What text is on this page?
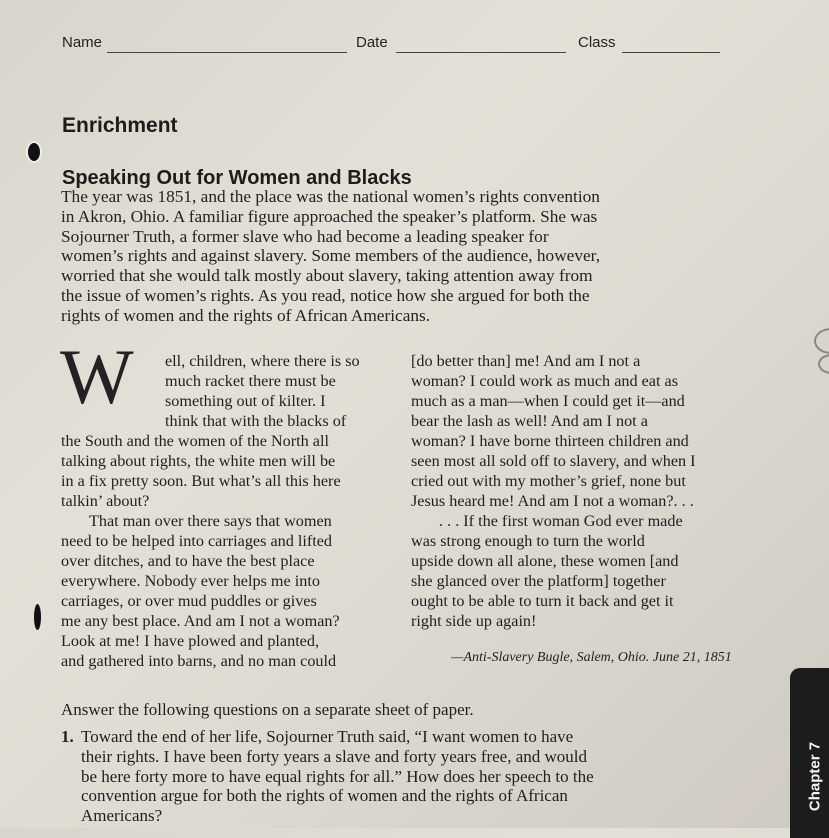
Name	Date	Class
Enrichment
Speaking Out for Women and Blacks
The year was 1851, and the place was the national women’s rights convention
in Akron, Ohio. A familiar figure approached the speaker’s platform. She was
Sojourner Truth, a former slave who had become a leading speaker for
women’s rights and against slavery. Some members of the audience, however,
worried that she would talk mostly about slavery, taking attention away from
the issue of women’s rights. As you read, notice how she argued for both the
rights of women and the rights of African Americans.
W ell, children, where there is so
much racket there must be
something out of kilter. I
think that with the blacks of
the South and the women of the North all
talking about rights, the white men will be
in a fix pretty soon. But what’s all this here
talkin’ about?
That man over there says that women
need to be helped into carriages and lifted
over ditches, and to have the best place
everywhere. Nobody ever helps me into
carriages, or over mud puddles or gives
me any best place. And am I not a woman?
Look at me! I have plowed and planted,
and gathered into barns, and no man could
[do better than] me! And am I not a
woman? I could work as much and eat as
much as a man—when I could get it—and
bear the lash as well! And am I not a
woman? I have borne thirteen children and
seen most all sold off to slavery, and when I
cried out with my mother’s grief, none but
Jesus heard me! And am I not a woman?. . .
. . . If the first woman God ever made
was strong enough to turn the world
upside down all alone, these women [and
she glanced over the platform] together
ought to be able to turn it back and get it
right side up again!
—Anti-Slavery Bugle, Salem, Ohio. June 21, 1851
Answer the following questions on a separate sheet of paper.
1. Toward the end of her life, Sojourner Truth said, “I want women to have
their rights. I have been forty years a slave and forty years free, and would
be here forty more to have equal rights for all.” How does her speech to the
convention argue for both the rights of women and the rights of African
Americans?
Chapter 7
